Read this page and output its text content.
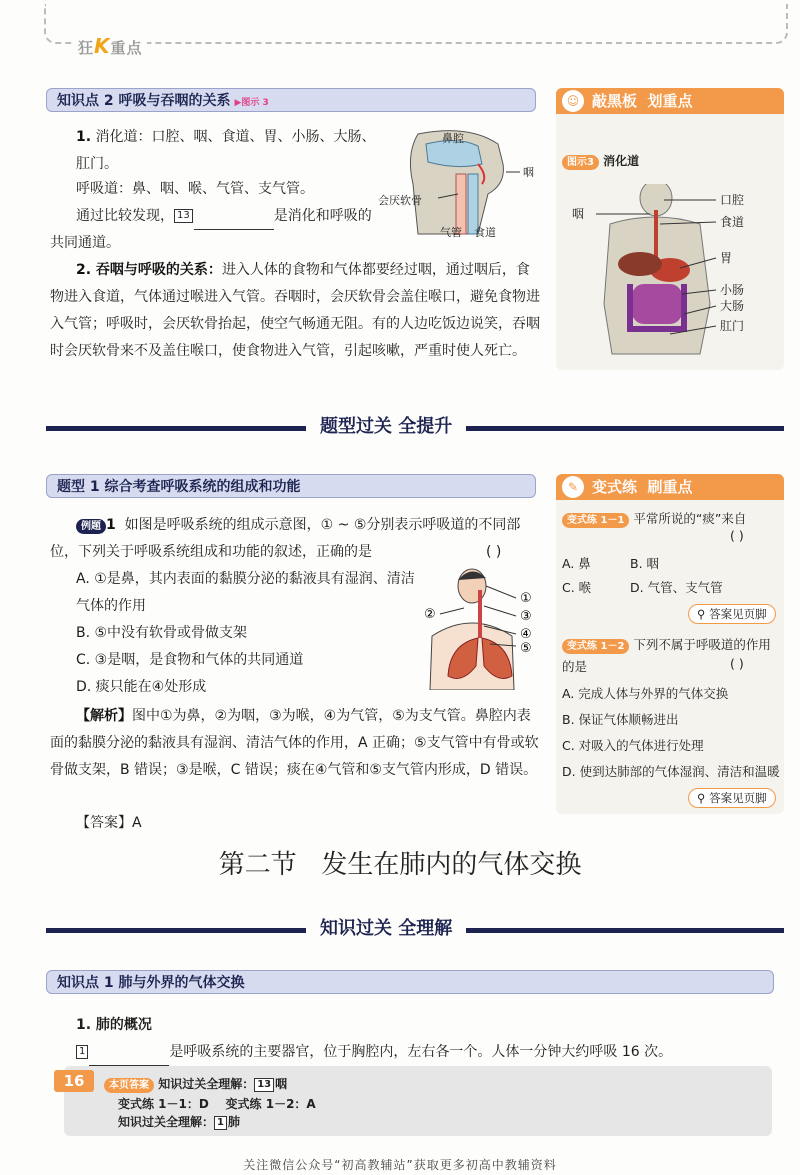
狂K重点
知识点 2 呼吸与吞咽的关系 ▶图示 3
1. 消化道：口腔、咽、食道、胃、小肠、大肠、肛门。
呼吸道：鼻、咽、喉、气管、支气管。
通过比较发现， 13	是消化和呼吸的
共同通道。
鼻腔
咽
会厌软骨
气管 食道
2. 吞咽与呼吸的关系：进入人体的食物和气体都要经过咽，通过咽后，食物进入食道，气体通过喉进入气管。吞咽时，会厌软骨会盖住喉口，避免食物进入气管；呼吸时，会厌软骨抬起，使空气畅通无阻。有的人边吃饭边说笑，吞咽时会厌软骨来不及盖住喉口，使食物进入气管，引起咳嗽，严重时使人死亡。
☺ 敲黑板 划重点
图示3 消化道
咽
口腔
食道
胃
小肠
大肠
肛门
题型过关 全提升
题型 1 综合考查呼吸系统的组成和功能
例题 1 如图是呼吸系统的组成示意图，① ~ ⑤分别表示呼吸道的不同部位，下列关于呼吸系统组成和功能的叙述，正确的是	( )
A. ①是鼻，其内表面的黏膜分泌的黏液具有湿润、清洁气体的作用
B. ⑤中没有软骨或骨做支架
C. ③是咽，是食物和气体的共同通道
D. 痰只能在④处形成
①
③
④
⑤
②
【解析】图中①为鼻，②为咽，③为喉，④为气管，⑤为支气管。鼻腔内表面的黏膜分泌的黏液具有湿润、清洁气体的作用，A 正确；⑤支气管中有骨或软骨做支架，B 错误；③是喉，C 错误；痰在④气管和⑤支气管内形成，D 错误。
【答案】A
✎ 变式练 刷重点
变式练 1－1 平常所说的“痰”来自
( )
A. 鼻	B. 咽
C. 喉	D. 气管、支气管
⚲ 答案见页脚
变式练 1－2 下列不属于呼吸道的作用的是	( )
A. 完成人体与外界的气体交换
B. 保证气体顺畅进出
C. 对吸入的气体进行处理
D. 使到达肺部的气体湿润、清洁和温暖
⚲ 答案见页脚
第二节   发生在肺内的气体交换
知识过关 全理解
知识点 1 肺与外界的气体交换
1. 肺的概况
1	是呼吸系统的主要器官，位于胸腔内，左右各一个。人体一分钟大约呼吸 16 次。
16	本页答案 知识过关全理解： 13 咽
变式练 1－1：D    变式练 1－2：A
知识过关全理解： 1 肺
关注微信公众号“初高教辅站”获取更多初高中教辅资料
